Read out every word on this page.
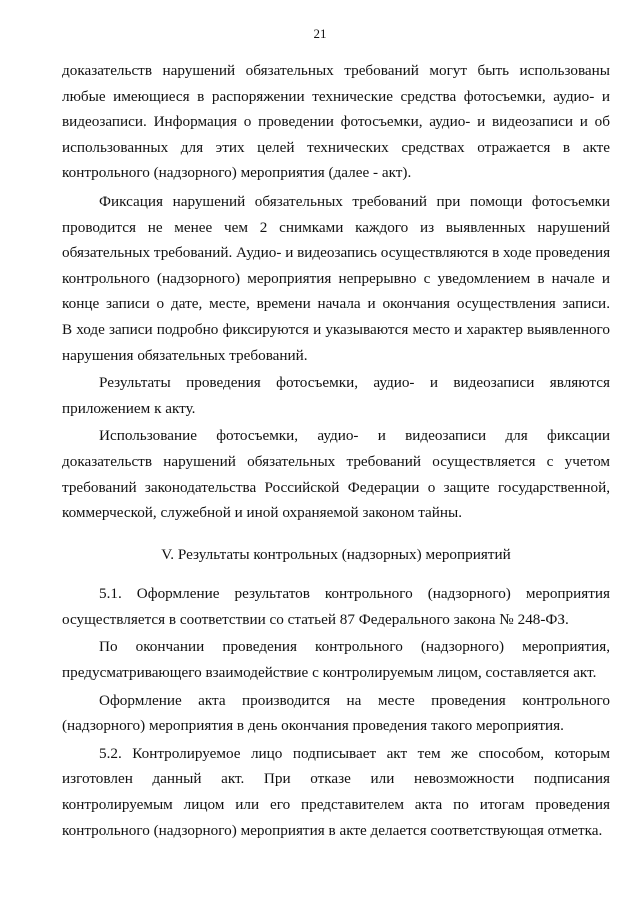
21
доказательств нарушений обязательных требований могут быть использованы
любые имеющиеся в распоряжении технические средства фотосъемки, аудио- и
видеозаписи. Информация о проведении фотосъемки, аудио- и видеозаписи и об
использованных для этих целей технических средствах отражается в акте
контрольного (надзорного) мероприятия (далее - акт).
Фиксация нарушений обязательных требований при помощи фотосъемки
проводится не менее чем 2 снимками каждого из выявленных нарушений
обязательных требований. Аудио- и видеозапись осуществляются в ходе проведения
контрольного (надзорного) мероприятия непрерывно с уведомлением в начале и
конце записи о дате, месте, времени начала и окончания осуществления записи.
В ходе записи подробно фиксируются и указываются место и характер выявленного
нарушения обязательных требований.
Результаты проведения фотосъемки, аудио- и видеозаписи являются
приложением к акту.
Использование фотосъемки, аудио- и видеозаписи для фиксации
доказательств нарушений обязательных требований осуществляется с учетом
требований законодательства Российской Федерации о защите государственной,
коммерческой, служебной и иной охраняемой законом тайны.
V. Результаты контрольных (надзорных) мероприятий
5.1. Оформление результатов контрольного (надзорного) мероприятия
осуществляется в соответствии со статьей 87 Федерального закона № 248-ФЗ.
По окончании проведения контрольного (надзорного) мероприятия,
предусматривающего взаимодействие с контролируемым лицом, составляется акт.
Оформление акта производится на месте проведения контрольного
(надзорного) мероприятия в день окончания проведения такого мероприятия.
5.2. Контролируемое лицо подписывает акт тем же способом, которым
изготовлен данный акт. При отказе или невозможности подписания
контролируемым лицом или его представителем акта по итогам проведения
контрольного (надзорного) мероприятия в акте делается соответствующая отметка.
